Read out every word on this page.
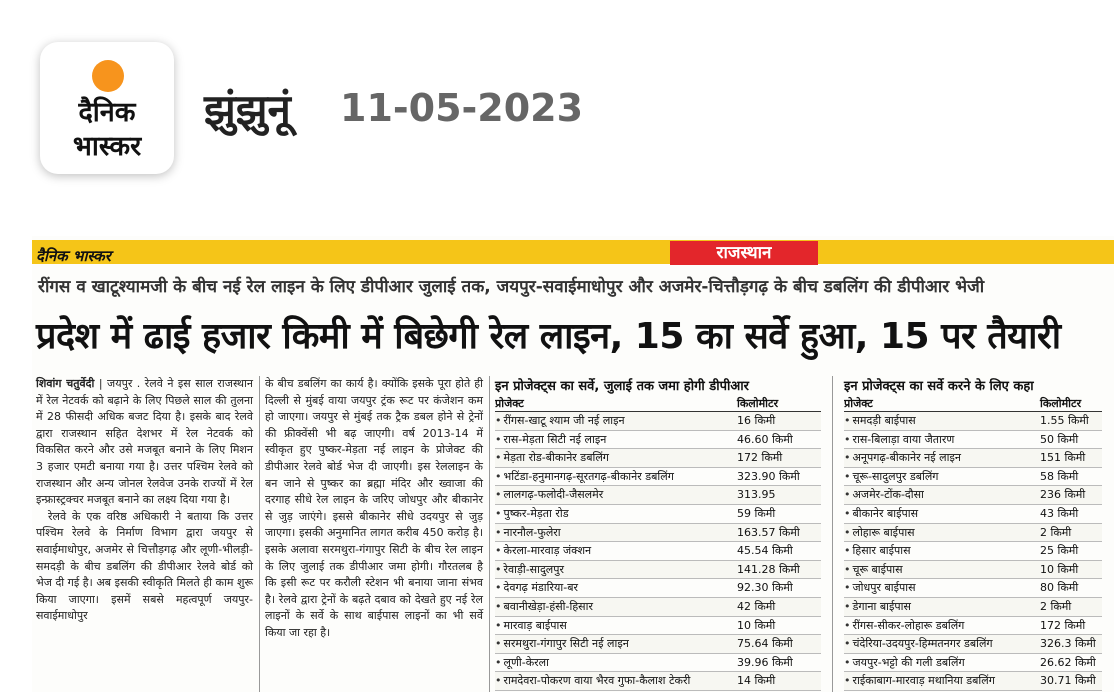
दैनिक
भास्कर
झुंझुनूं 11-05-2023
दैनिक भास्कर	राजस्थान
रींगस व खाटूश्यामजी के बीच नई रेल लाइन के लिए डीपीआर जुलाई तक, जयपुर-सवाईमाधोपुर और अजमेर-चित्तौड़गढ़ के बीच डबलिंग की डीपीआर भेजी
प्रदेश में ढाई हजार किमी में बिछेगी रेल लाइन, 15 का सर्वे हुआ, 15 पर तैयारी

शिवांग चतुर्वेदी | जयपुर . रेलवे ने इस साल राजस्थान में रेल नेटवर्क को बढ़ाने के लिए पिछले साल की तुलना में 28 फीसदी अधिक बजट दिया है। इसके बाद रेलवे द्वारा राजस्थान सहित देशभर में रेल नेटवर्क को विकसित करने और उसे मजबूत बनाने के लिए मिशन 3 हजार एमटी बनाया गया है। उत्तर पश्चिम रेलवे को राजस्थान और अन्य जोनल रेलवेज उनके राज्यों में रेल इन्फ्रास्ट्रक्चर मजबूत बनाने का लक्ष्य दिया गया है।

रेलवे के एक वरिष्ठ अधिकारी ने बताया कि उत्तर पश्चिम रेलवे के निर्माण विभाग द्वारा जयपुर से सवाईमाधोपुर, अजमेर से चित्तौड़गढ़ और लूणी-भीलड़ी-समदड़ी के बीच डबलिंग की डीपीआर रेलवे बोर्ड को भेज दी गई है। अब इसकी स्वीकृति मिलते ही काम शुरू किया जाएगा। इसमें सबसे महत्वपूर्ण जयपुर-सवाईमाधोपुर

के बीच डबलिंग का कार्य है। क्योंकि इसके पूरा होते ही दिल्ली से मुंबई वाया जयपुर ट्रंक रूट पर कंजेशन कम हो जाएगा। जयपुर से मुंबई तक ट्रैक डबल होने से ट्रेनों की फ्रीक्वेंसी भी बढ़ जाएगी। वर्ष 2013-14 में स्वीकृत हुए पुष्कर-मेड़ता नई लाइन के प्रोजेक्ट की डीपीआर रेलवे बोर्ड भेज दी जाएगी। इस रेललाइन के बन जाने से पुष्कर का ब्रह्मा मंदिर और ख्वाजा की दरगाह सीधे रेल लाइन के जरिए जोधपुर और बीकानेर से जुड़ जाएंगे। इससे बीकानेर सीधे उदयपुर से जुड़ जाएगा। इसकी अनुमानित लागत करीब 450 करोड़ है। इसके अलावा सरमथुरा-गंगापुर सिटी के बीच रेल लाइन के लिए जुलाई तक डीपीआर जमा होगी। गौरतलब है कि इसी रूट पर करौली स्टेशन भी बनाया जाना संभव है। रेलवे द्वारा ट्रेनों के बढ़ते दबाव को देखते हुए नई रेल लाइनों के सर्वे के साथ बाईपास लाइनों का भी सर्वे किया जा रहा है।

इन प्रोजेक्ट्स का सर्वे, जुलाई तक जमा होगी डीपीआर
प्रोजेक्ट	किलोमीटर
• रींगस-खाटू श्याम जी नई लाइन	16 किमी
• रास-मेड़ता सिटी नई लाइन	46.60 किमी
• मेड़ता रोड-बीकानेर डबलिंग	172 किमी
• भटिंडा-हनुमानगढ़-सूरतगढ़-बीकानेर डबलिंग	323.90 किमी
• लालगढ़-फलोदी-जैसलमेर	313.95
• पुष्कर-मेड़ता रोड	59 किमी
• नारनौल-फुलेरा	163.57 किमी
• केरला-मारवाड़ जंक्शन	45.54 किमी
• रेवाड़ी-सादुलपुर	141.28 किमी
• देवगढ़ मंडारिया-बर	92.30 किमी
• बवानीखेड़ा-हंसी-हिसार	42 किमी
• मारवाड़ बाईपास	10 किमी
• सरमथुरा-गंगापुर सिटी नई लाइन	75.64 किमी
• लूणी-केरला	39.96 किमी
• रामदेवरा-पोकरण वाया भैरव गुफा-कैलाश टेकरी	14 किमी
इन प्रोजेक्ट्स का सर्वे करने के लिए कहा
प्रोजेक्ट	किलोमीटर
• समदड़ी बाईपास	1.55 किमी
• रास-बिलाड़ा वाया जैतारण	50 किमी
• अनूपगढ़-बीकानेर नई लाइन	151 किमी
• चूरू-सादुलपुर डबलिंग	58 किमी
• अजमेर-टोंक-दौसा	236 किमी
• बीकानेर बाईपास	43 किमी
• लोहारू बाईपास	2 किमी
• हिसार बाईपास	25 किमी
• चूरू बाईपास	10 किमी
• जोधपुर बाईपास	80 किमी
• डेगाना बाईपास	2 किमी
• रींगस-सीकर-लोहारू डबलिंग	172 किमी
• चंदेरिया-उदयपुर-हिम्मतनगर डबलिंग	326.3 किमी
• जयपुर-भट्टो की गली डबलिंग	26.62 किमी
• राईकाबाग-मारवाड़ मथानिया डबलिंग	30.71 किमी
